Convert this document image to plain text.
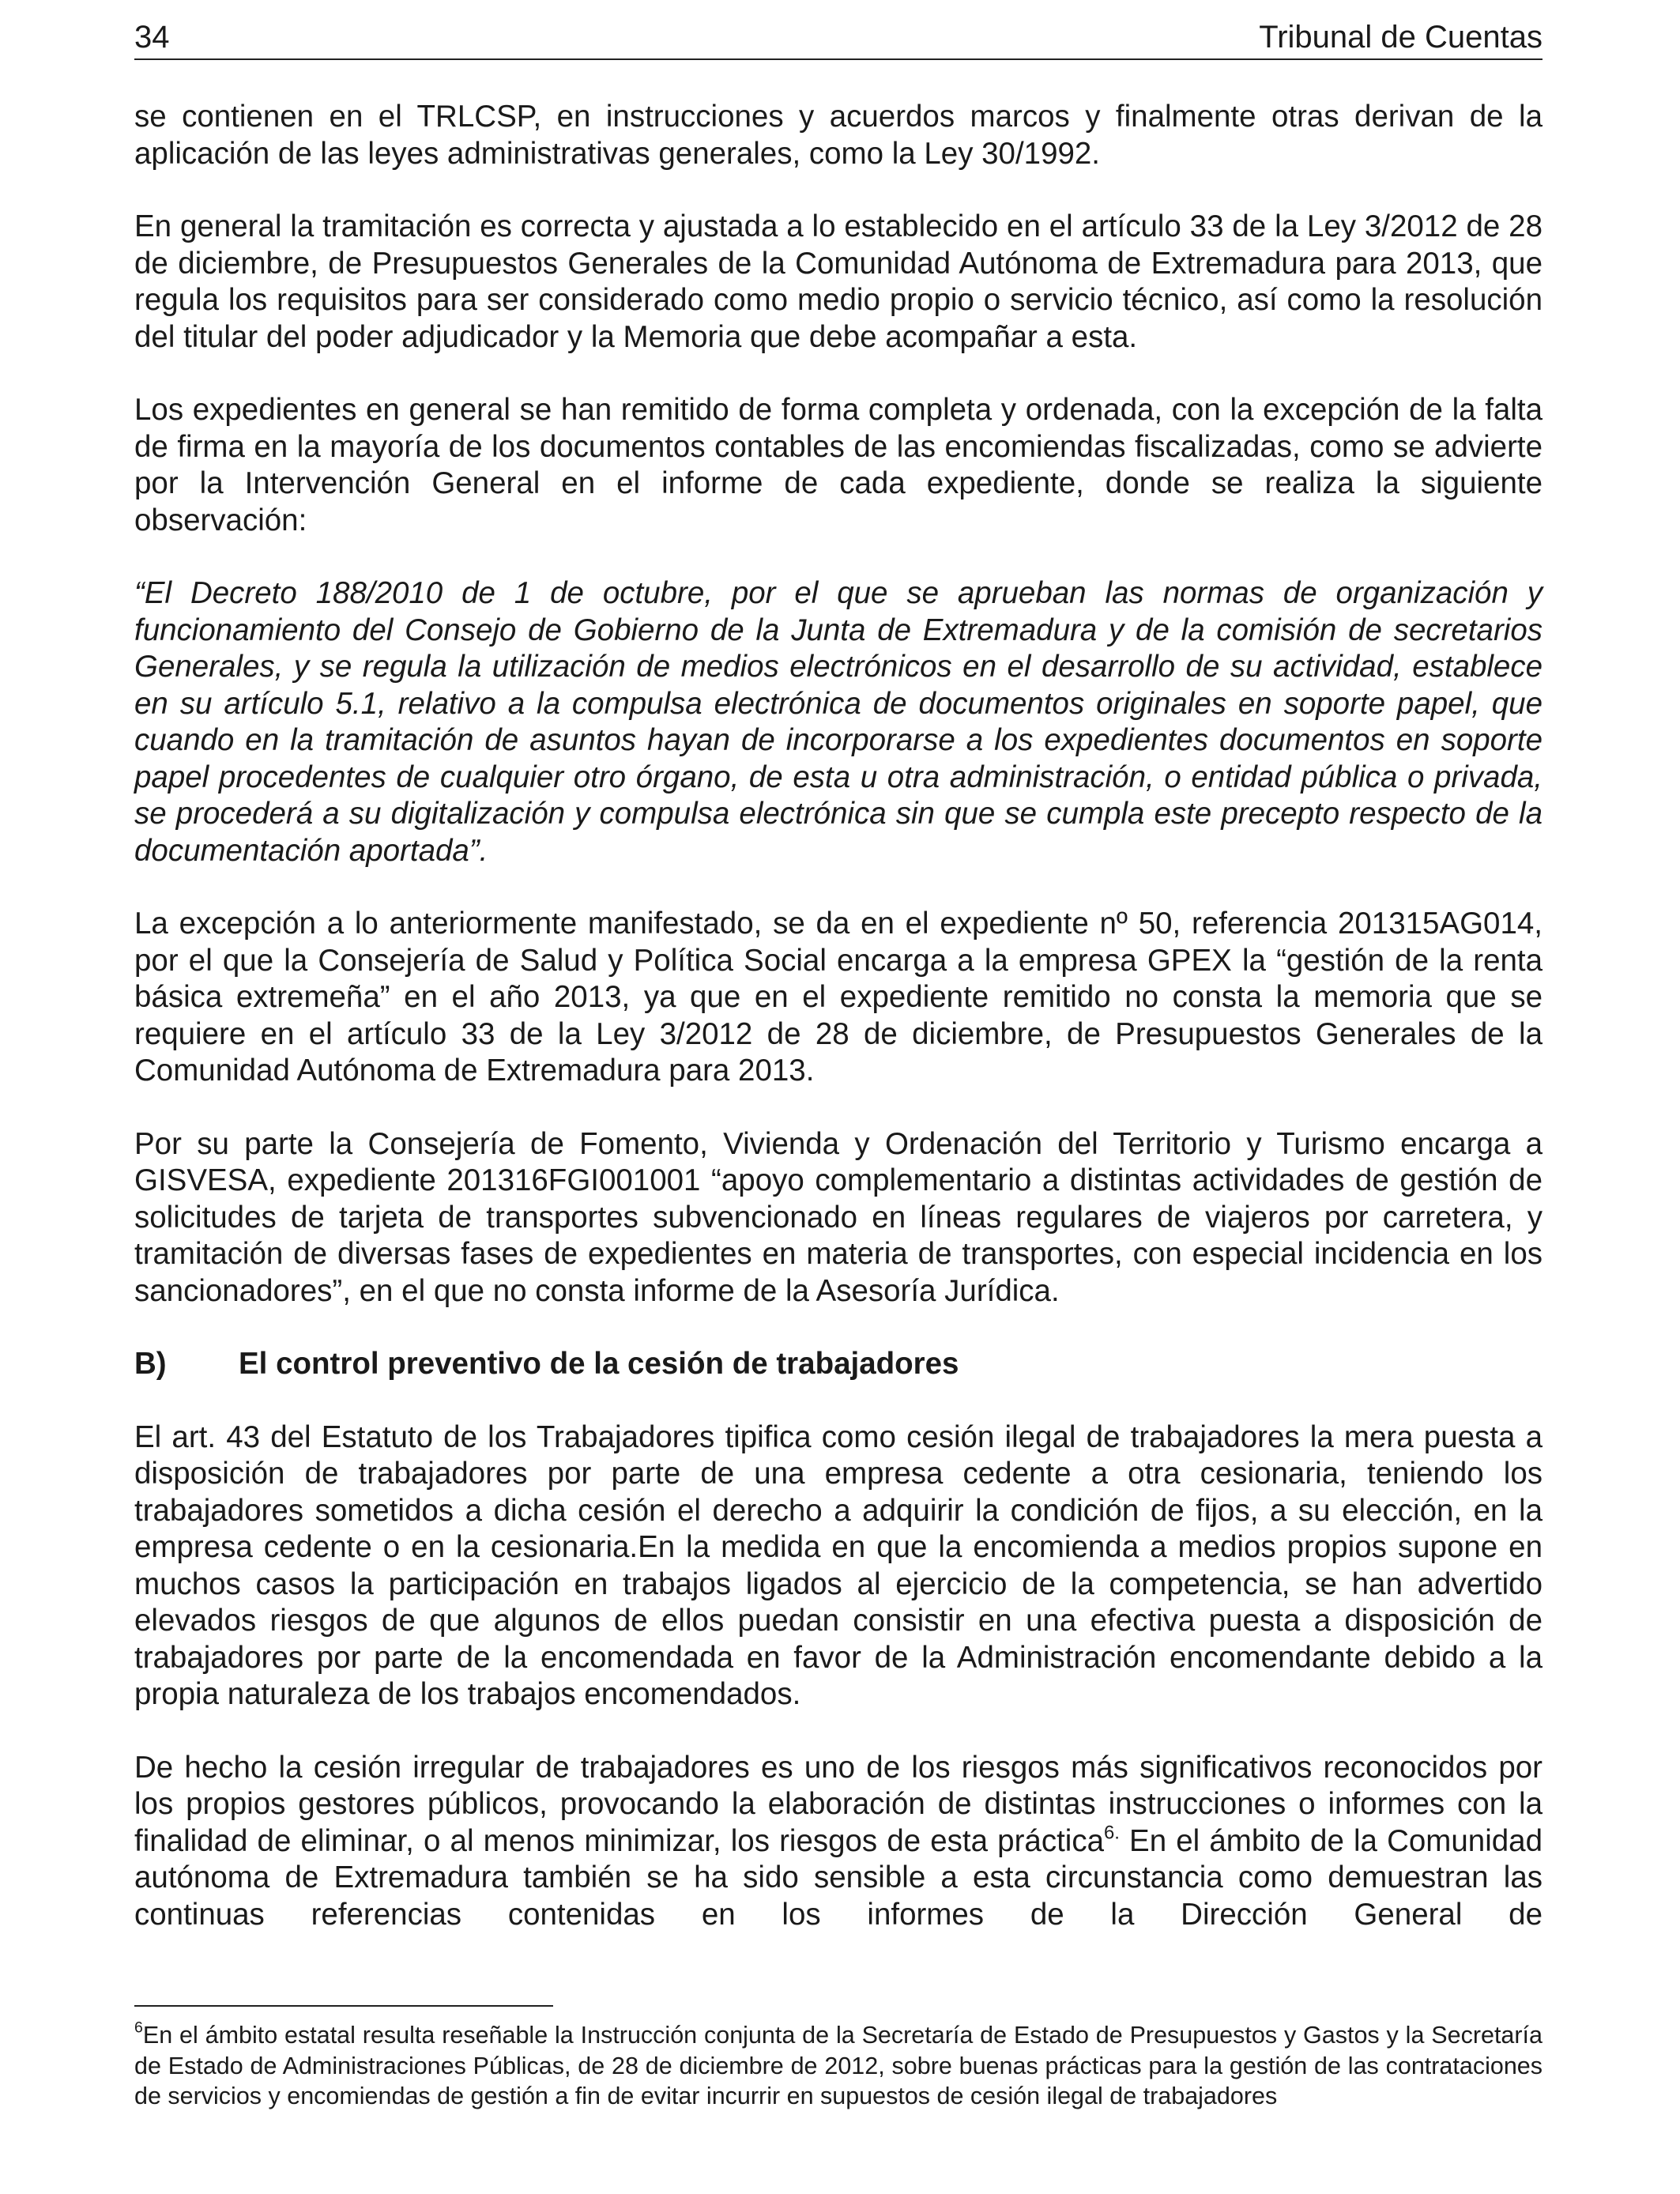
34	Tribunal de Cuentas

se contienen en el TRLCSP, en instrucciones y acuerdos marcos y finalmente otras derivan de la aplicación de las leyes administrativas generales, como la Ley 30/1992.

En general la tramitación es correcta y ajustada a lo establecido en el artículo 33 de la Ley 3/2012 de 28 de diciembre, de Presupuestos Generales de la Comunidad Autónoma de Extremadura para 2013, que regula los requisitos para ser considerado como medio propio o servicio técnico, así como la resolución del titular del poder adjudicador y la Memoria que debe acompañar a esta.

Los expedientes en general se han remitido de forma completa y ordenada, con la excepción de la falta de firma en la mayoría de los documentos contables de las encomiendas fiscalizadas, como se advierte por la Intervención General en el informe de cada expediente, donde se realiza la siguiente observación:

“El Decreto 188/2010 de 1 de octubre, por el que se aprueban las normas de organización y funcionamiento del Consejo de Gobierno de la Junta de Extremadura y de la comisión de secretarios Generales, y se regula la utilización de medios electrónicos en el desarrollo de su actividad, establece en su artículo 5.1, relativo a la compulsa electrónica de documentos originales en soporte papel, que cuando en la tramitación de asuntos hayan de incorporarse a los expedientes documentos en soporte papel procedentes de cualquier otro órgano, de esta u otra administración, o entidad pública o privada, se procederá a su digitalización y compulsa electrónica sin que se cumpla este precepto respecto de la documentación aportada”.

La excepción a lo anteriormente manifestado, se da en el expediente nº 50, referencia 201315AG014, por el que la Consejería de Salud y Política Social encarga a la empresa GPEX la “gestión de la renta básica extremeña” en el año 2013, ya que en el expediente remitido no consta la memoria que se requiere en el artículo 33 de la Ley 3/2012 de 28 de diciembre, de Presupuestos Generales de la Comunidad Autónoma de Extremadura para 2013.

Por su parte la Consejería de Fomento, Vivienda y Ordenación del Territorio y Turismo encarga a GISVESA, expediente 201316FGI001001 “apoyo complementario a distintas actividades de gestión de solicitudes de tarjeta de transportes subvencionado en líneas regulares de viajeros por carretera, y tramitación de diversas fases de expedientes en materia de transportes, con especial incidencia en los sancionadores”, en el que no consta informe de la Asesoría Jurídica.

B) El control preventivo de la cesión de trabajadores

El art. 43 del Estatuto de los Trabajadores tipifica como cesión ilegal de trabajadores la mera puesta a disposición de trabajadores por parte de una empresa cedente a otra cesionaria, teniendo los trabajadores sometidos a dicha cesión el derecho a adquirir la condición de fijos, a su elección, en la empresa cedente o en la cesionaria.En la medida en que la encomienda a medios propios supone en muchos casos la participación en trabajos ligados al ejercicio de la competencia, se han advertido elevados riesgos de que algunos de ellos puedan consistir en una efectiva puesta a disposición de trabajadores por parte de la encomendada en favor de la Administración encomendante debido a la propia naturaleza de los trabajos encomendados.

De hecho la cesión irregular de trabajadores es uno de los riesgos más significativos reconocidos por los propios gestores públicos, provocando la elaboración de distintas instrucciones o informes con la finalidad de eliminar, o al menos minimizar, los riesgos de esta práctica$^{6.}$ En el ámbito de la Comunidad autónoma de Extremadura también se ha sido sensible a esta circunstancia como demuestran las continuas referencias contenidas en los informes de la Dirección General de

$^6$En el ámbito estatal resulta reseñable la Instrucción conjunta de la Secretaría de Estado de Presupuestos y Gastos y la Secretaría de Estado de Administraciones Públicas, de 28 de diciembre de 2012, sobre buenas prácticas para la gestión de las contrataciones de servicios y encomiendas de gestión a fin de evitar incurrir en supuestos de cesión ilegal de trabajadores
